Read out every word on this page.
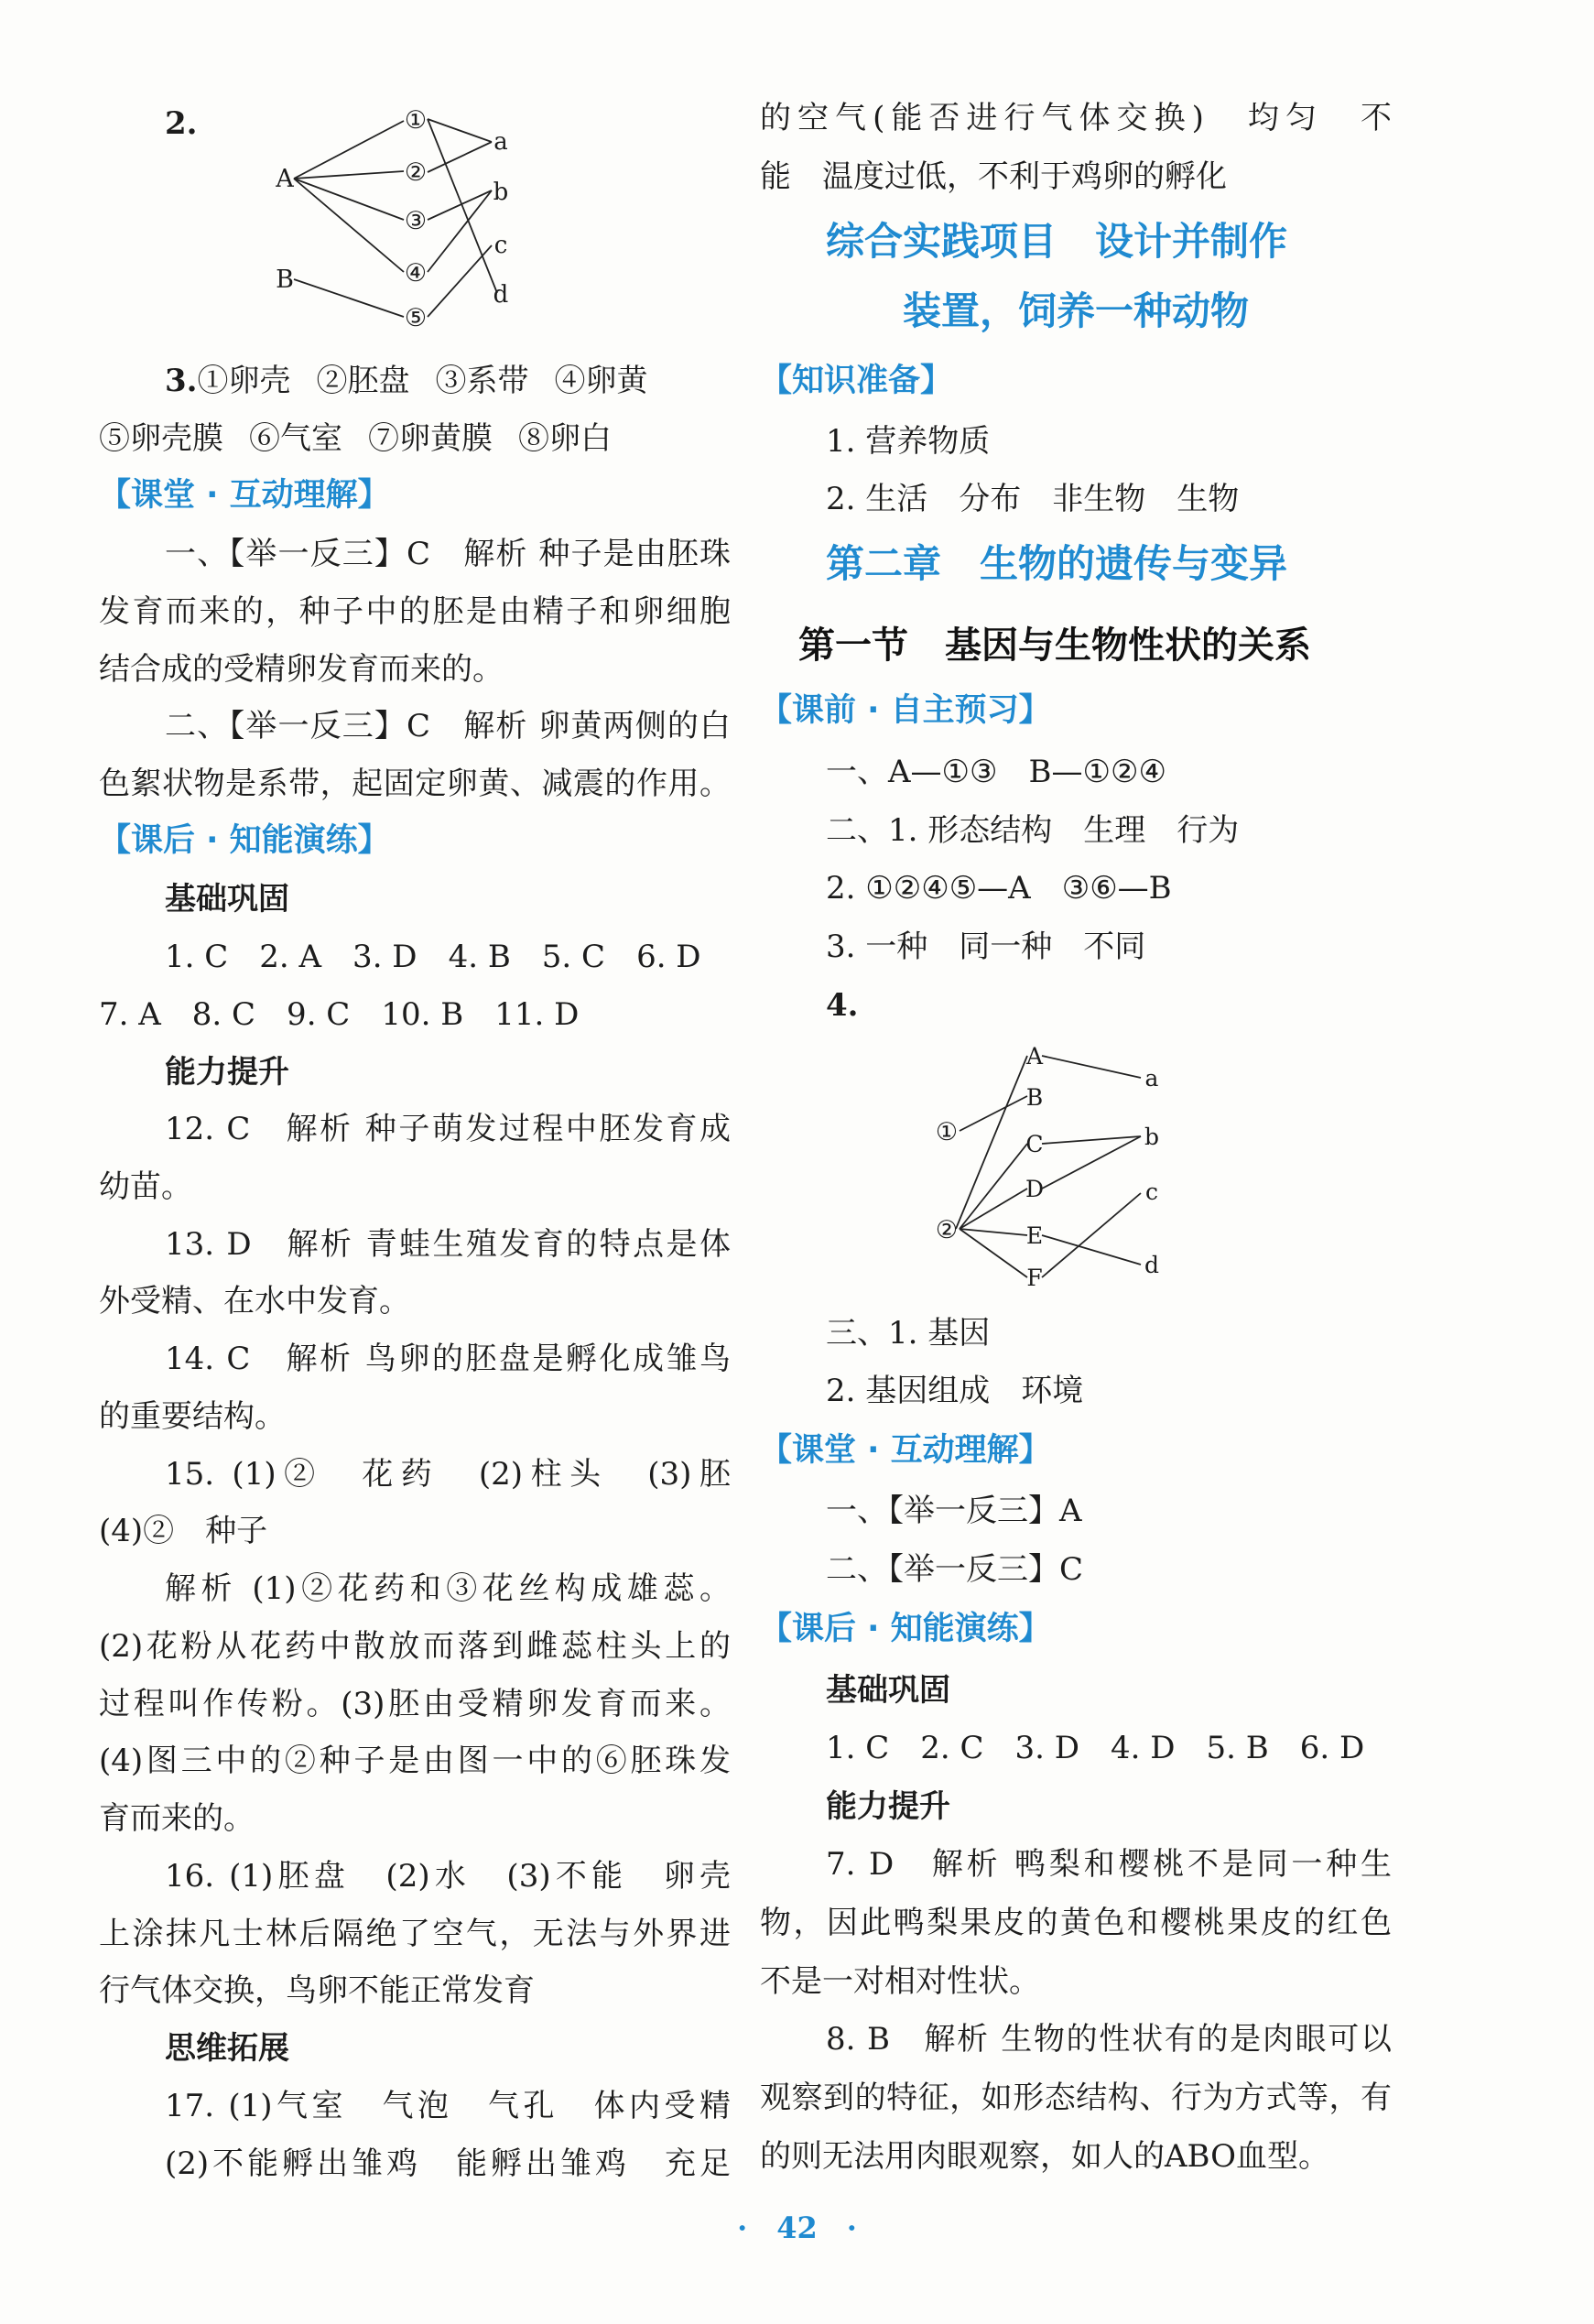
2.
A
B
①
②
③
④
⑤
a
b
c
d
3.①卵壳 ②胚盘 ③系带 ④卵黄
⑤卵壳膜 ⑥气室 ⑦卵黄膜 ⑧卵白
【课堂 · 互动理解】
一、【举一反三】C　解析 种子是由胚珠
发育而来的，种子中的胚是由精子和卵细胞
结合成的受精卵发育而来的。
二、【举一反三】C　解析 卵黄两侧的白
色絮状物是系带，起固定卵黄、减震的作用。
【课后 · 知能演练】
基础巩固
1. C　2. A　3. D　4. B　5. C　6. D
7. A　8. C　9. C　10. B　11. D
能力提升
12. C　解析 种子萌发过程中胚发育成
幼苗。
13. D　解析 青蛙生殖发育的特点是体
外受精、在水中发育。
14. C　解析 鸟卵的胚盘是孵化成雏鸟
的重要结构。
15. (1)②　花药　(2)柱头　(3)胚
(4)②　种子
解析 (1)②花药和③花丝构成雄蕊。
(2)花粉从花药中散放而落到雌蕊柱头上的
过程叫作传粉。(3)胚由受精卵发育而来。
(4)图三中的②种子是由图一中的⑥胚珠发
育而来的。
16. (1)胚盘　(2)水　(3)不能　卵壳
上涂抹凡士林后隔绝了空气，无法与外界进
行气体交换，鸟卵不能正常发育
思维拓展
17. (1)气室　气泡　气孔　体内受精
(2)不能孵出雏鸡　能孵出雏鸡　充足
的空气(能否进行气体交换)　均匀　不
能　温度过低，不利于鸡卵的孵化
综合实践项目　设计并制作
装置，饲养一种动物
【知识准备】
1. 营养物质
2. 生活　分布　非生物　生物
第二章　生物的遗传与变异
第一节　基因与生物性状的关系
【课前 · 自主预习】
一、A—①③　B—①②④
二、1. 形态结构　生理　行为
2. ①②④⑤—A　③⑥—B
3. 一种　同一种　不同
4.
①
②
A
B
C
D
E
F
a
b
c
d
三、1. 基因
2. 基因组成　环境
【课堂 · 互动理解】
一、【举一反三】A
二、【举一反三】C
【课后 · 知能演练】
基础巩固
1. C　2. C　3. D　4. D　5. B　6. D
能力提升
7. D　解析 鸭梨和樱桃不是同一种生
物，因此鸭梨果皮的黄色和樱桃果皮的红色
不是一对相对性状。
8. B　解析 生物的性状有的是肉眼可以
观察到的特征，如形态结构、行为方式等，有
的则无法用肉眼观察，如人的ABO血型。
·　42　·
